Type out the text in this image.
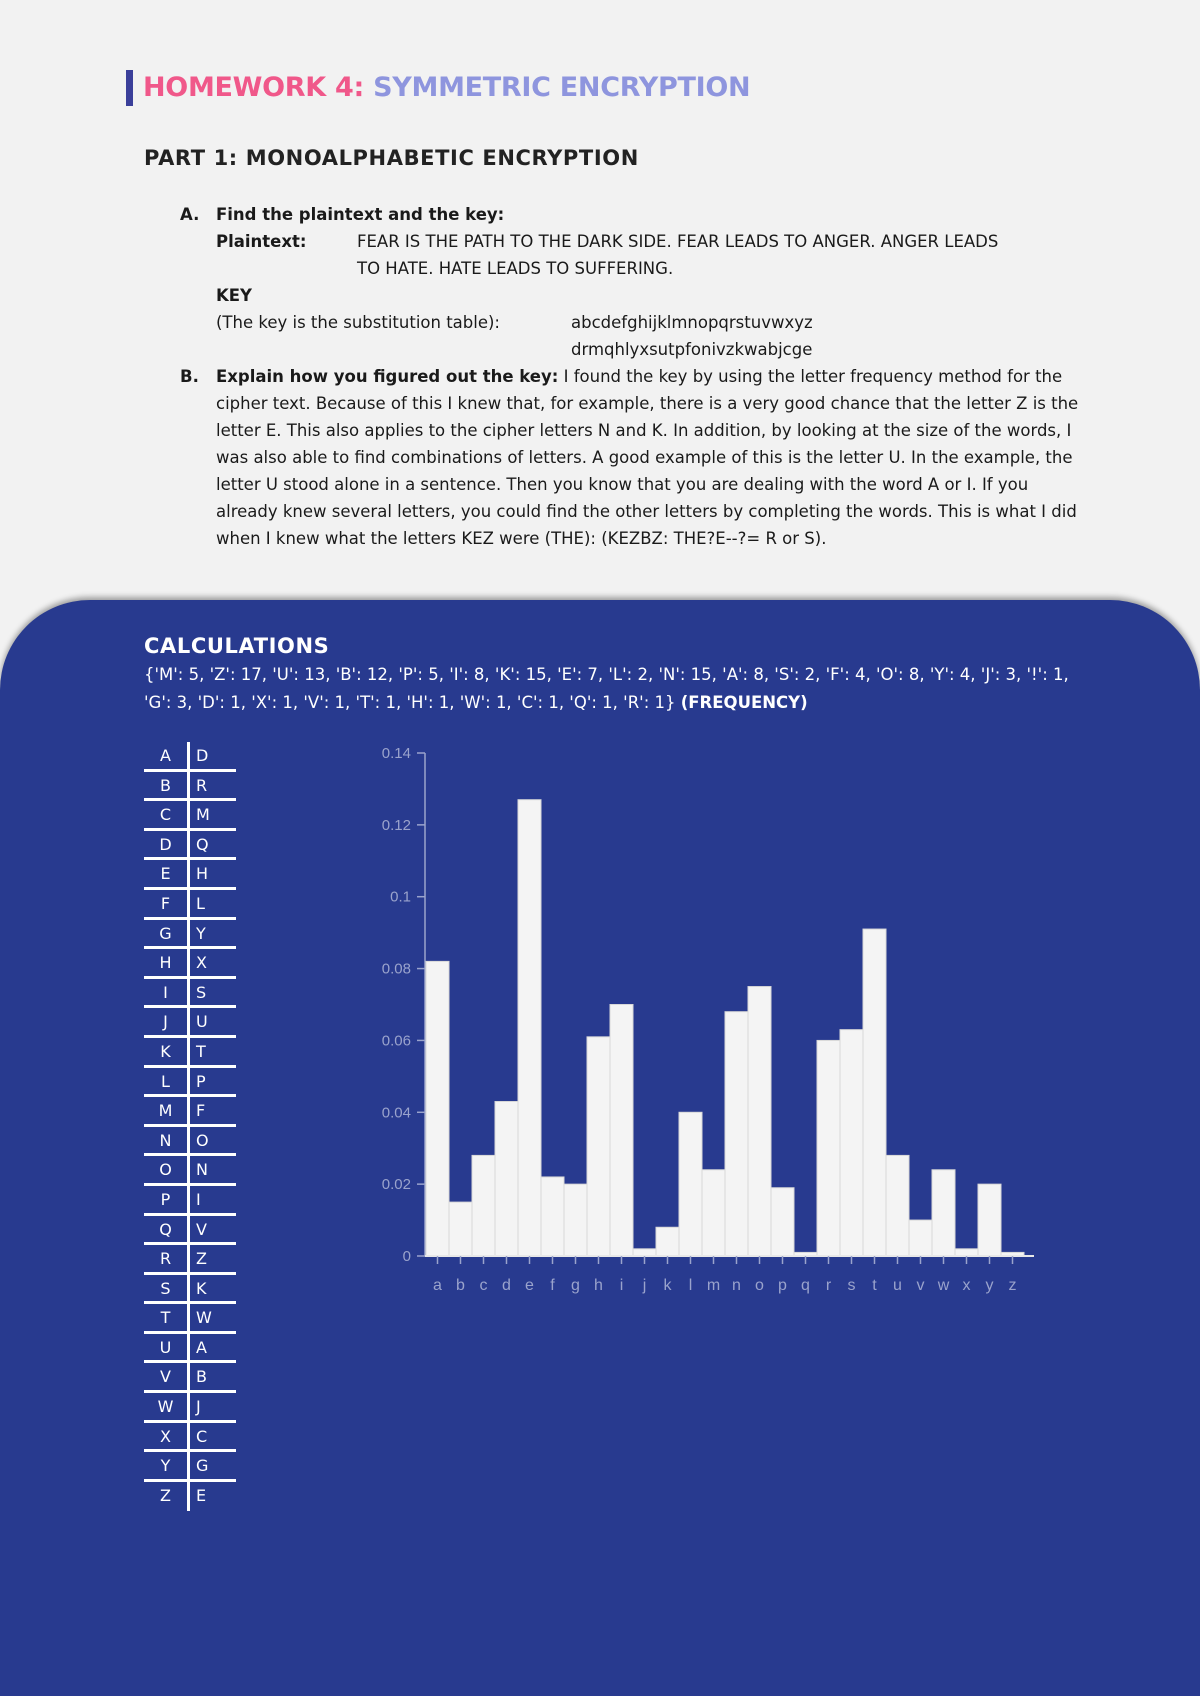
HOMEWORK 4: SYMMETRIC ENCRYPTION
PART 1: MONOALPHABETIC ENCRYPTION
A. Find the plaintext and the key:
Plaintext:	FEAR IS THE PATH TO THE DARK SIDE. FEAR LEADS TO ANGER. ANGER LEADS
TO HATE. HATE LEADS TO SUFFERING.
KEY
(The key is the substitution table):	abcdefghijklmnopqrstuvwxyz
drmqhlyxsutpfonivzkwabjcge
B. Explain how you figured out the key: I found the key by using the letter frequency method for the cipher text. Because of this I knew that, for example, there is a very good chance that the letter Z is the letter E. This also applies to the cipher letters N and K. In addition, by looking at the size of the words, I was also able to find combinations of letters. A good example of this is the letter U. In the example, the letter U stood alone in a sentence. Then you know that you are dealing with the word A or I. If you already knew several letters, you could find the other letters by completing the words. This is what I did when I knew what the letters KEZ were (THE): (KEZBZ: THE?E--?= R or S).
CALCULATIONS
{'M': 5, 'Z': 17, 'U': 13, 'B': 12, 'P': 5, 'I': 8, 'K': 15, 'E': 7, 'L': 2, 'N': 15, 'A': 8, 'S': 2, 'F': 4, 'O': 8, 'Y': 4, 'J': 3, '!': 1, 'G': 3, 'D': 1, 'X': 1, 'V': 1, 'T': 1, 'H': 1, 'W': 1, 'C': 1, 'Q': 1, 'R': 1} (FREQUENCY)
A	D
B	R
C	M
D	Q
E	H
F	L
G	Y
H	X
I	S
J	U
K	T
L	P
M	F
N	O
O	N
P	I
Q	V
R	Z
S	K
T	W
U	A
V	B
W	J
X	C
Y	G
Z	E
0
0.02
0.04
0.06
0.08
0.1
0.12
0.14
a b c d e f g h i j k l m n o p q r s t u v w x y z
